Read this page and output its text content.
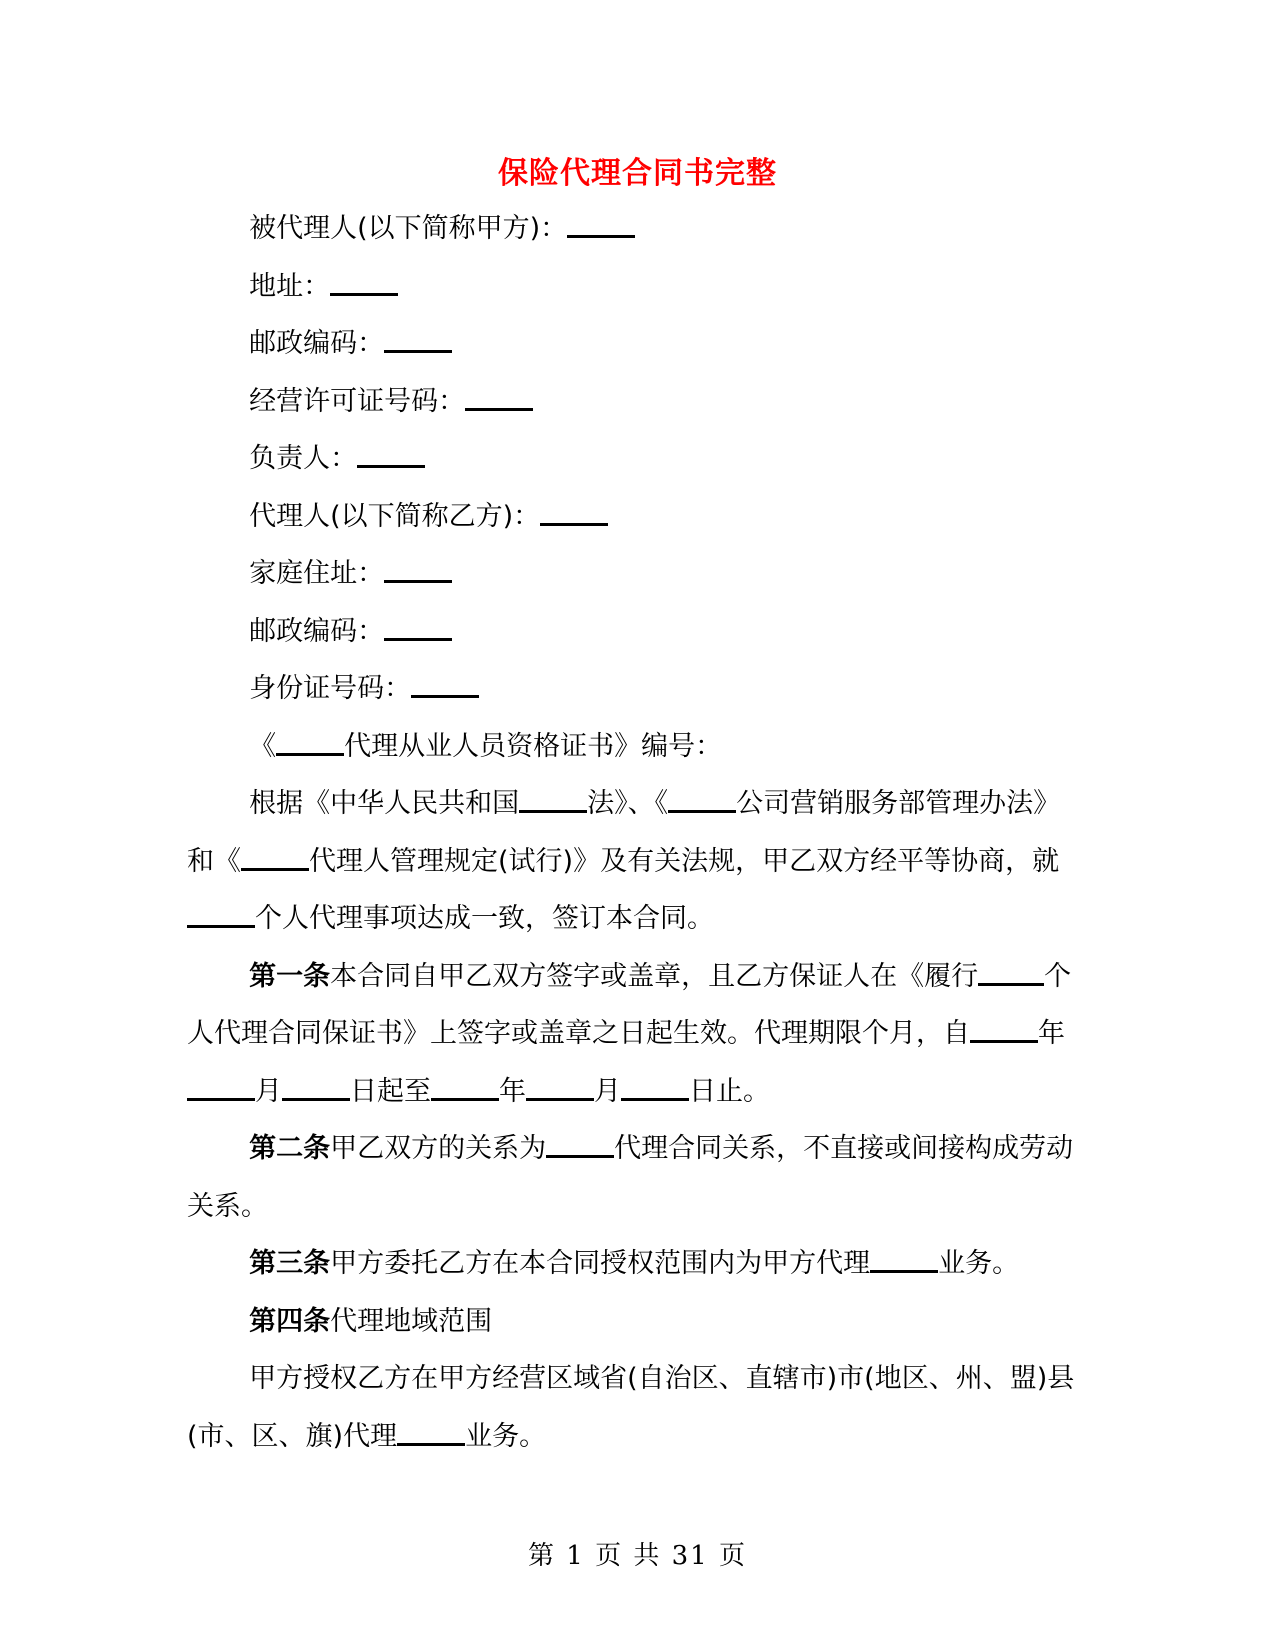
保险代理合同书完整

被代理人(以下简称甲方)：

地址：

邮政编码：

经营许可证号码：

负责人：

代理人(以下简称乙方)：

家庭住址：

邮政编码：

身份证号码：

《	代理从业人员资格证书》编号：

根据《中华人民共和国	法》、《	公司营销服务部管理办法》和《	代理人管理规定(试行)》及有关法规，甲乙双方经平等协商，就个人代理事项达成一致，签订本合同。

第一条本合同自甲乙双方签字或盖章，且乙方保证人在《履行 个人代理合同保证书》上签字或盖章之日起生效。代理期限个月，自	年月	日起至	年	月	日止。

第二条甲乙双方的关系为	代理合同关系，不直接或间接构成劳动关系。

第三条甲方委托乙方在本合同授权范围内为甲方代理	业务。

第四条代理地域范围

甲方授权乙方在甲方经营区域省(自治区、直辖市)市(地区、州、盟)县(市、区、旗)代理	业务。

第 1 页 共 31 页
